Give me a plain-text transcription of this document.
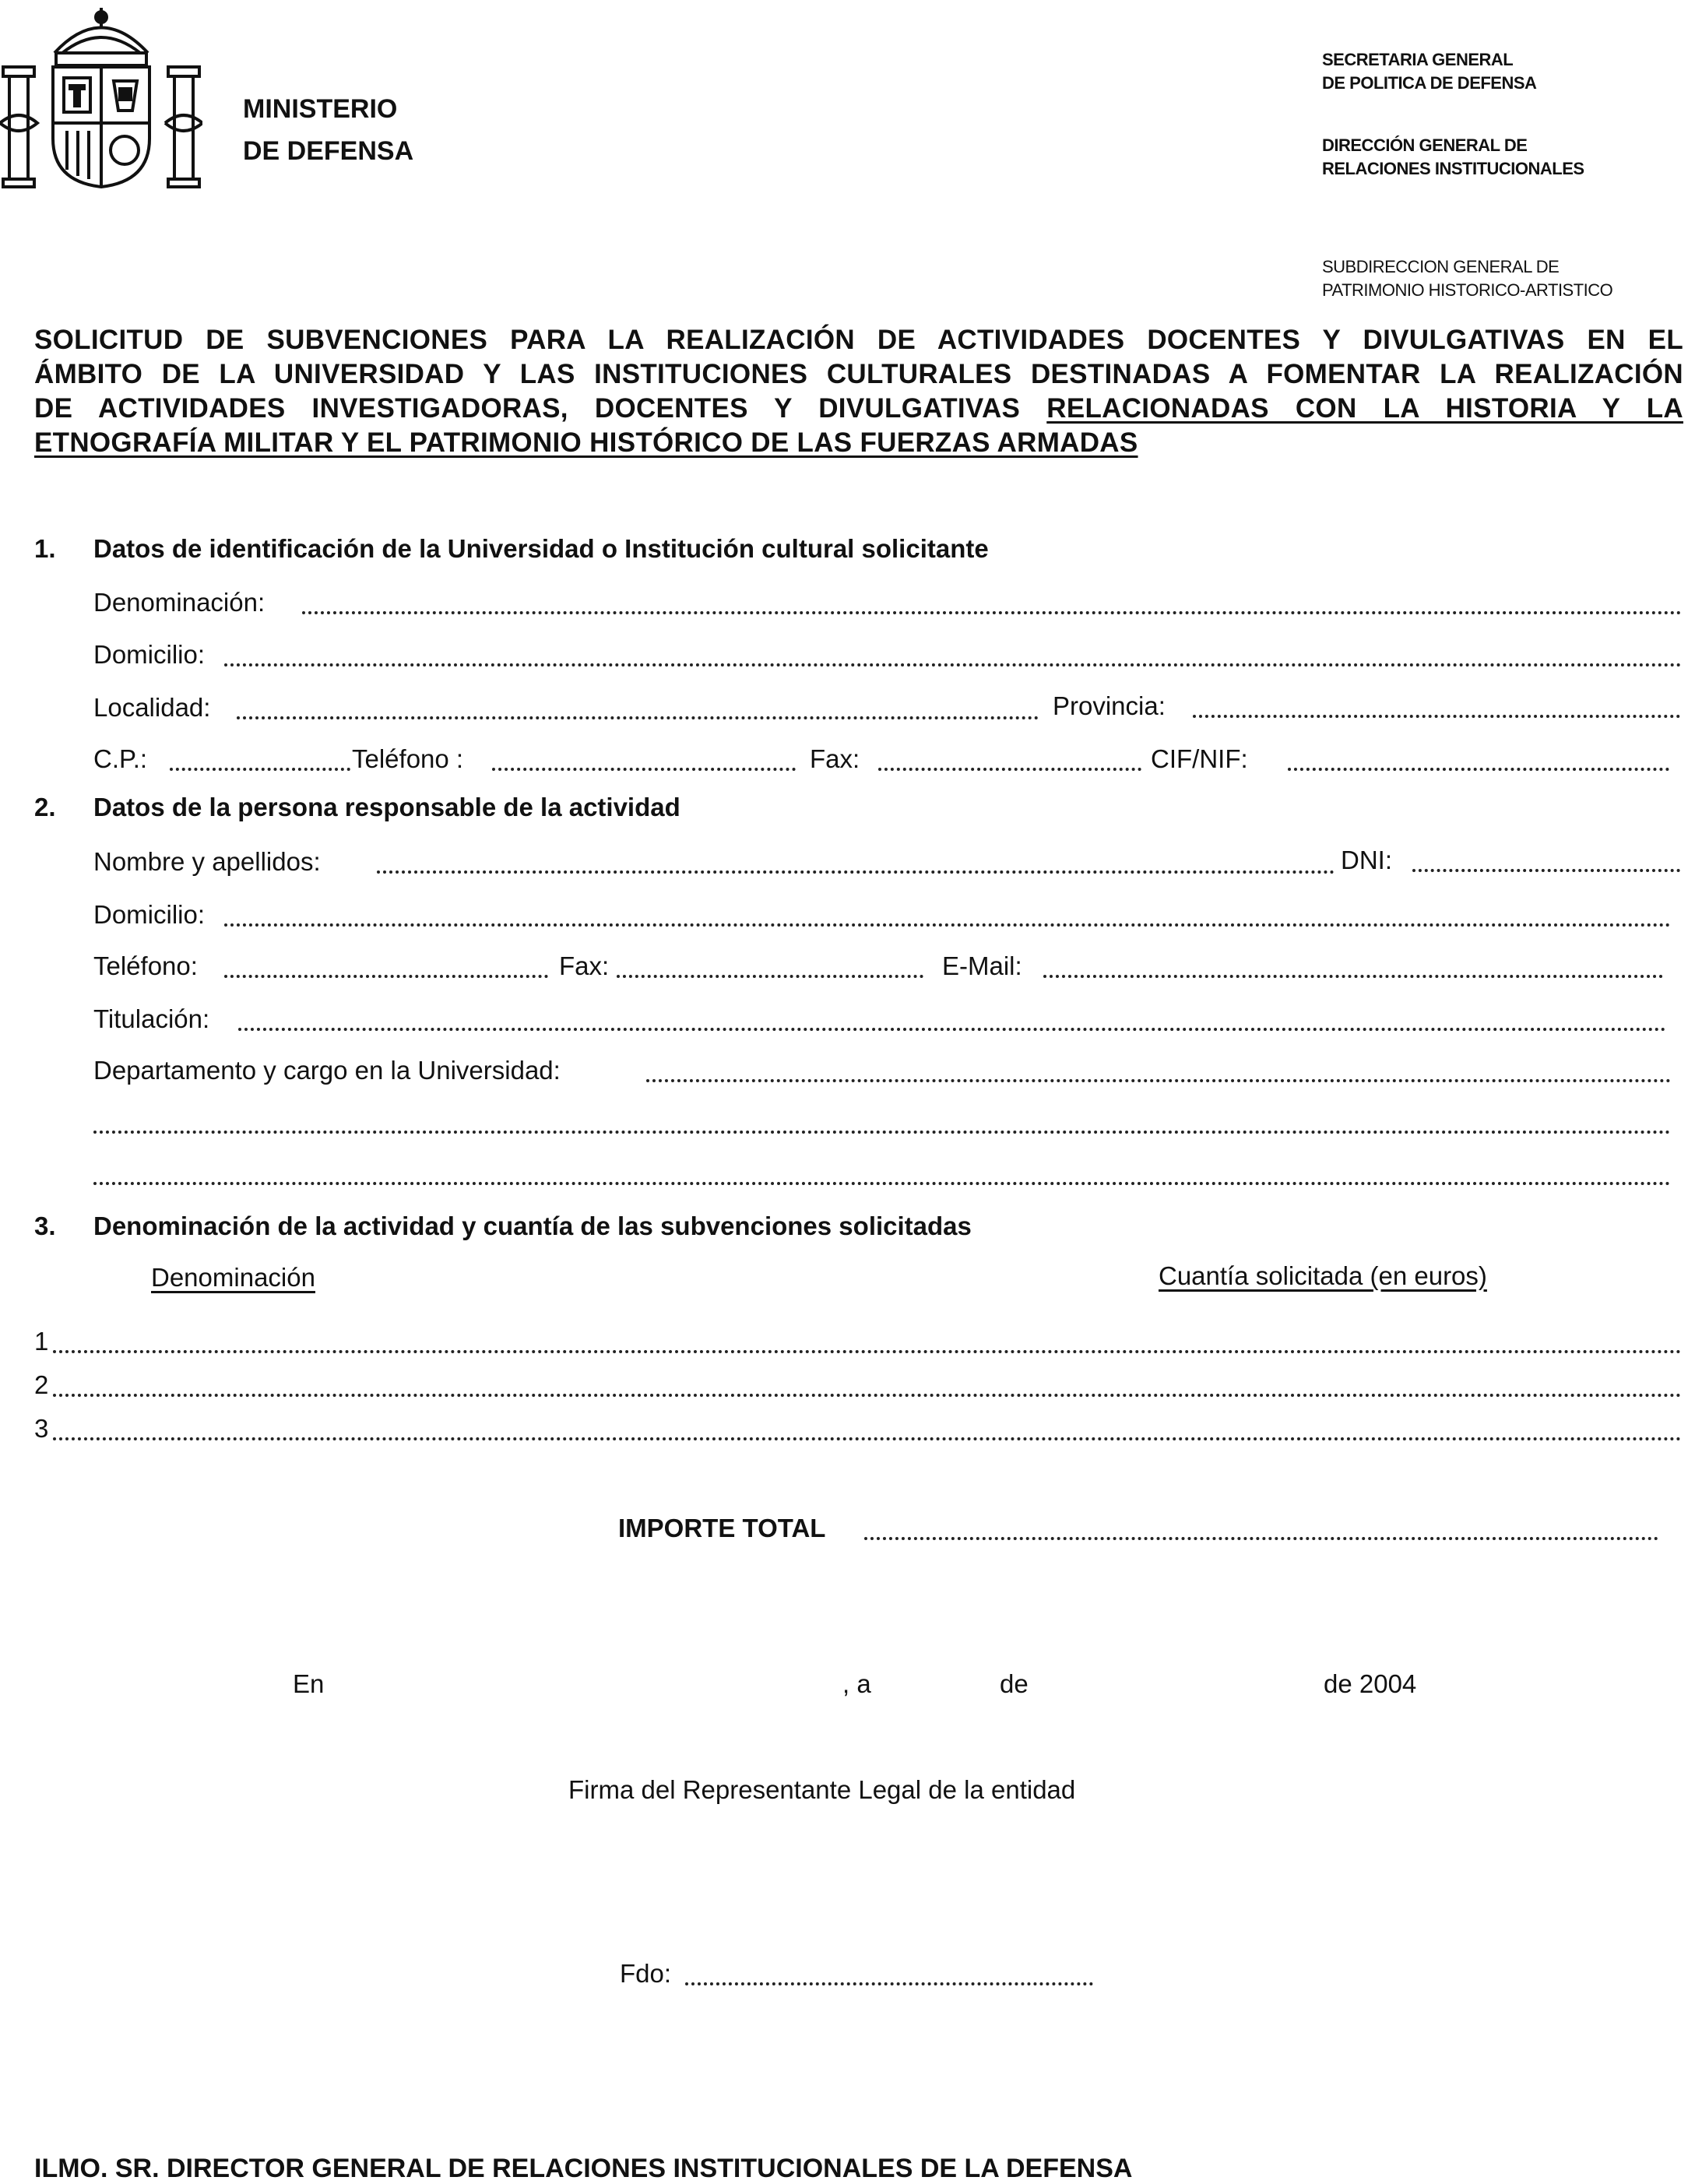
MINISTERIO
DE DEFENSA
SECRETARIA GENERAL
DE POLITICA DE DEFENSA
DIRECCIÓN GENERAL DE
RELACIONES INSTITUCIONALES
SUBDIRECCION GENERAL DE
PATRIMONIO HISTORICO-ARTISTICO
SOLICITUD DE SUBVENCIONES PARA LA REALIZACIÓN DE ACTIVIDADES DOCENTES Y DIVULGATIVAS EN EL
ÁMBITO DE LA UNIVERSIDAD Y LAS INSTITUCIONES CULTURALES DESTINADAS A FOMENTAR LA REALIZACIÓN
DE ACTIVIDADES INVESTIGADORAS, DOCENTES Y DIVULGATIVAS RELACIONADAS CON LA HISTORIA Y LA
ETNOGRAFÍA MILITAR Y EL PATRIMONIO HISTÓRICO DE LAS FUERZAS ARMADAS
1. Datos de identificación de la Universidad o Institución cultural solicitante
Denominación:
Domicilio:
Localidad:	Provincia:
C.P.:	Teléfono :	Fax:	CIF/NIF:
2. Datos de la persona responsable de la actividad
Nombre y apellidos:	DNI:
Domicilio:
Teléfono:	Fax:	E-Mail:
Titulación:
Departamento y cargo en la Universidad:
3. Denominación de la actividad y cuantía de las subvenciones solicitadas
Denominación	Cuantía solicitada (en euros)
1
2
3
IMPORTE TOTAL
En	, a	de	de 2004
Firma del Representante Legal de la entidad
Fdo:
ILMO. SR. DIRECTOR GENERAL DE RELACIONES INSTITUCIONALES DE LA DEFENSA
